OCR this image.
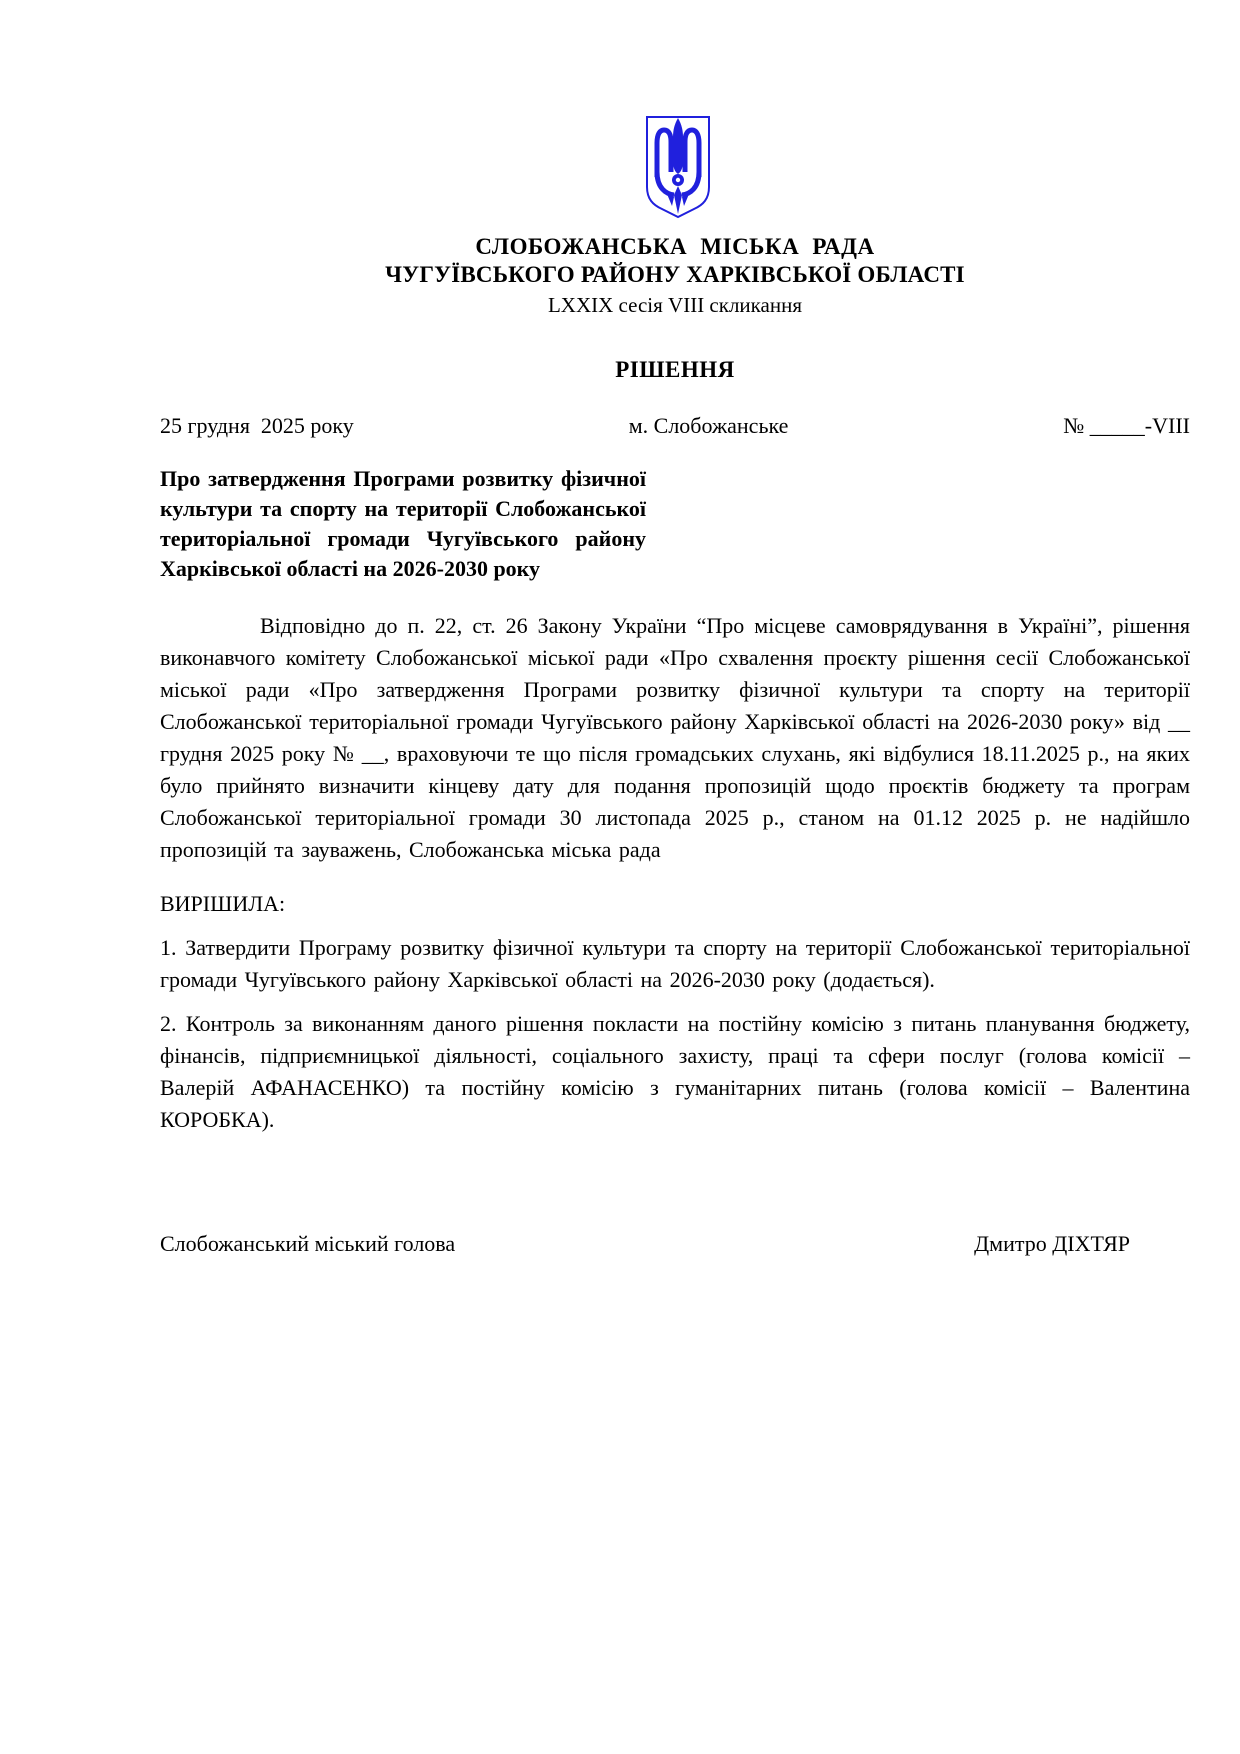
СЛОБОЖАНСЬКА МІСЬКА РАДА
ЧУГУЇВСЬКОГО РАЙОНУ ХАРКІВСЬКОЇ ОБЛАСТІ
LXXIX сесія VIII скликання
РІШЕННЯ
25 грудня  2025 року	м. Слобожанське	№ _____-VIII
Про затвердження Програми розвитку фізичної культури та спорту на території Слобожанської територіальної громади Чугуївського району Харківської області на 2026-2030 року
Відповідно до п. 22, ст. 26 Закону України “Про місцеве самоврядування в Україні”, рішення виконавчого комітету Слобожанської міської ради «Про схвалення проєкту рішення сесії Слобожанської міської ради «Про затвердження Програми розвитку фізичної культури та спорту на території Слобожанської територіальної громади Чугуївського району Харківської області на 2026-2030 року» від __ грудня 2025 року № __, враховуючи те що після громадських слухань, які відбулися 18.11.2025 р., на яких було прийнято визначити кінцеву дату для подання пропозицій щодо проєктів бюджету та програм Слобожанської територіальної громади 30 листопада 2025 р., станом на 01.12 2025 р. не надійшло пропозицій та зауважень, Слобожанська міська рада
ВИРІШИЛА:
1. Затвердити Програму розвитку фізичної культури та спорту на території Слобожанської територіальної громади Чугуївського району Харківської області на 2026-2030 року (додається).
2. Контроль за виконанням даного рішення покласти на постійну комісію з питань планування бюджету, фінансів, підприємницької діяльності, соціального захисту, праці та сфери послуг (голова комісії – Валерій АФАНАСЕНКО) та постійну комісію з гуманітарних питань (голова комісії – Валентина КОРОБКА).
Слобожанський міський голова	Дмитро ДІХТЯР
